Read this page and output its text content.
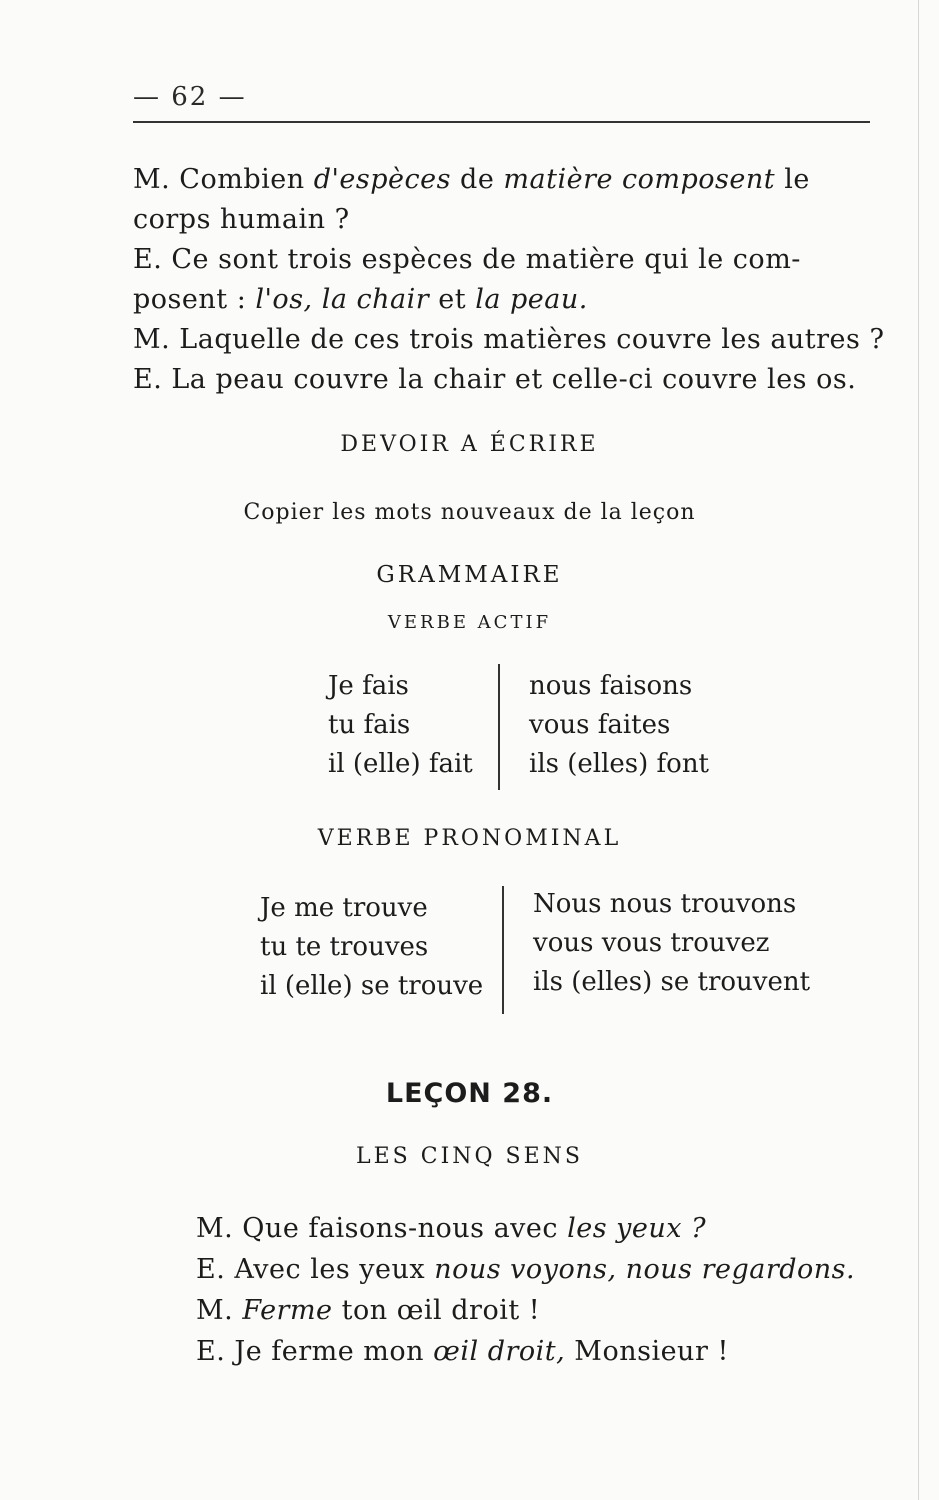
— 62 —
M. Combien d'espèces de matière composent le
corps humain ?
E. Ce sont trois espèces de matière qui le com-
posent : l'os, la chair et la peau.
M. Laquelle de ces trois matières couvre les autres ?
E. La peau couvre la chair et celle-ci couvre les os.
DEVOIR A ÉCRIRE
Copier les mots nouveaux de la leçon
GRAMMAIRE
VERBE ACTIF
Je fais
tu fais
il (elle) fait
nous faisons
vous faites
ils (elles) font
VERBE PRONOMINAL
Je me trouve
tu te trouves
il (elle) se trouve
Nous nous trouvons
vous vous trouvez
ils (elles) se trouvent
LEÇON 28.
LES CINQ SENS
M. Que faisons-nous avec les yeux ?
E. Avec les yeux nous voyons, nous regardons.
M. Ferme ton œil droit !
E. Je ferme mon œil droit, Monsieur !
